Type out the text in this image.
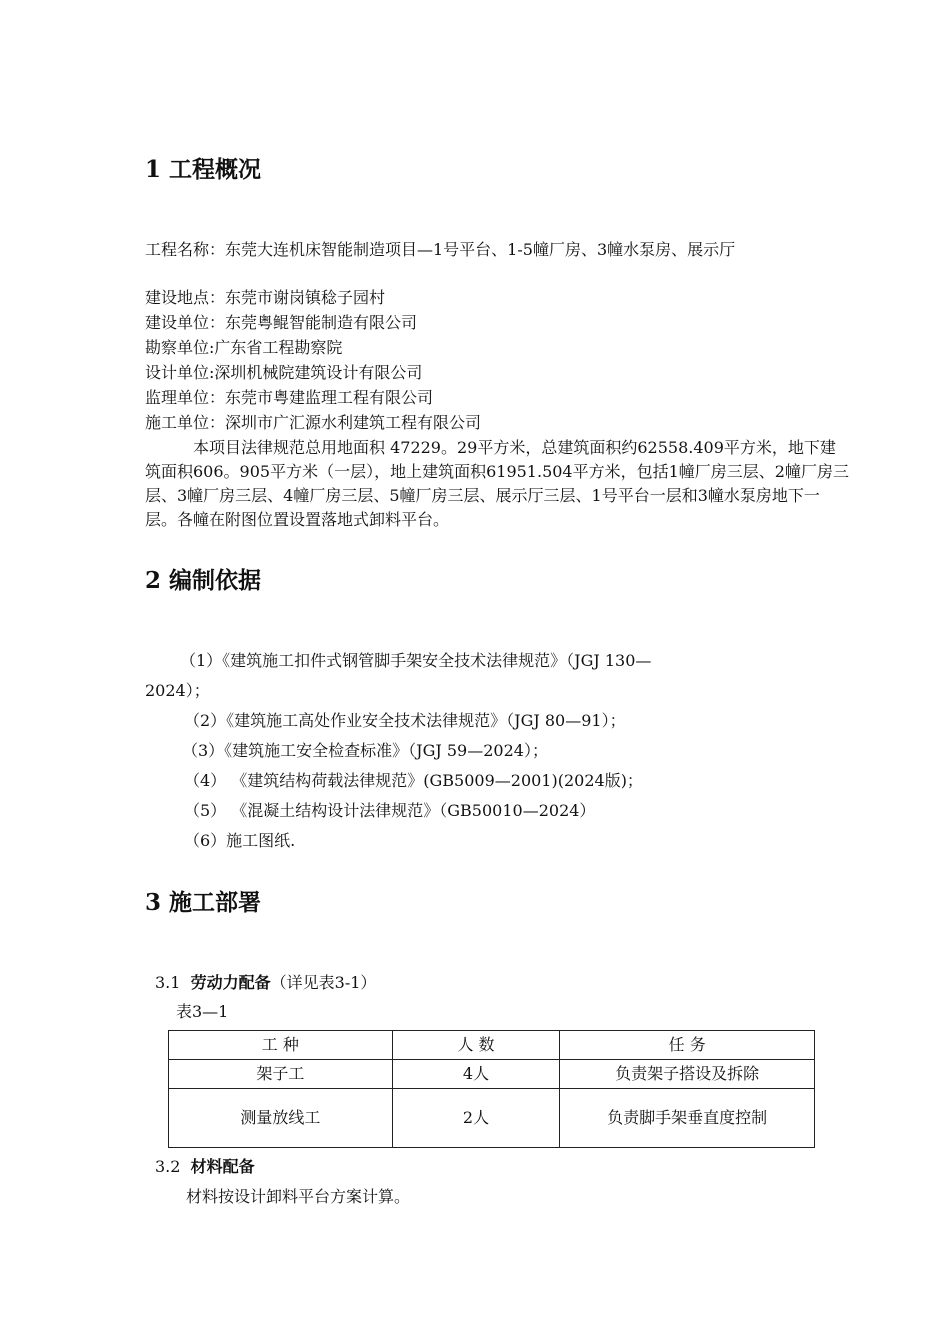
1 工程概况
工程名称：东莞大连机床智能制造项目—1号平台、1-5幢厂房、3幢水泵房、展示厅
建设地点：东莞市谢岗镇稔子园村
建设单位：东莞粤鲲智能制造有限公司
勘察单位:广东省工程勘察院
设计单位:深圳机械院建筑设计有限公司
监理单位：东莞市粤建监理工程有限公司
施工单位：深圳市广汇源水利建筑工程有限公司
本项目法律规范总用地面积 47229。29平方米，总建筑面积约62558.409平方米，地下建筑面积606。905平方米（一层），地上建筑面积61951.504平方米，包括1幢厂房三层、2幢厂房三层、3幢厂房三层、4幢厂房三层、5幢厂房三层、展示厅三层、1号平台一层和3幢水泵房地下一层。各幢在附图位置设置落地式卸料平台。
2 编制依据
（1）《建筑施工扣件式钢管脚手架安全技术法律规范》（JGJ 130—
2024）；
（2）《建筑施工高处作业安全技术法律规范》（JGJ 80—91）；
（3）《建筑施工安全检查标准》（JGJ 59—2024）；
（4） 《建筑结构荷载法律规范》(GB5009—2001)(2024版)；
（5） 《混凝土结构设计法律规范》（GB50010—2024）
（6）施工图纸.
3 施工部署
3.1 劳动力配备（详见表3-1）
表3—1
工 种	人 数	任 务
架子工	4人	负责架子搭设及拆除
测量放线工	2人	负责脚手架垂直度控制
3.2 材料配备
材料按设计卸料平台方案计算。
